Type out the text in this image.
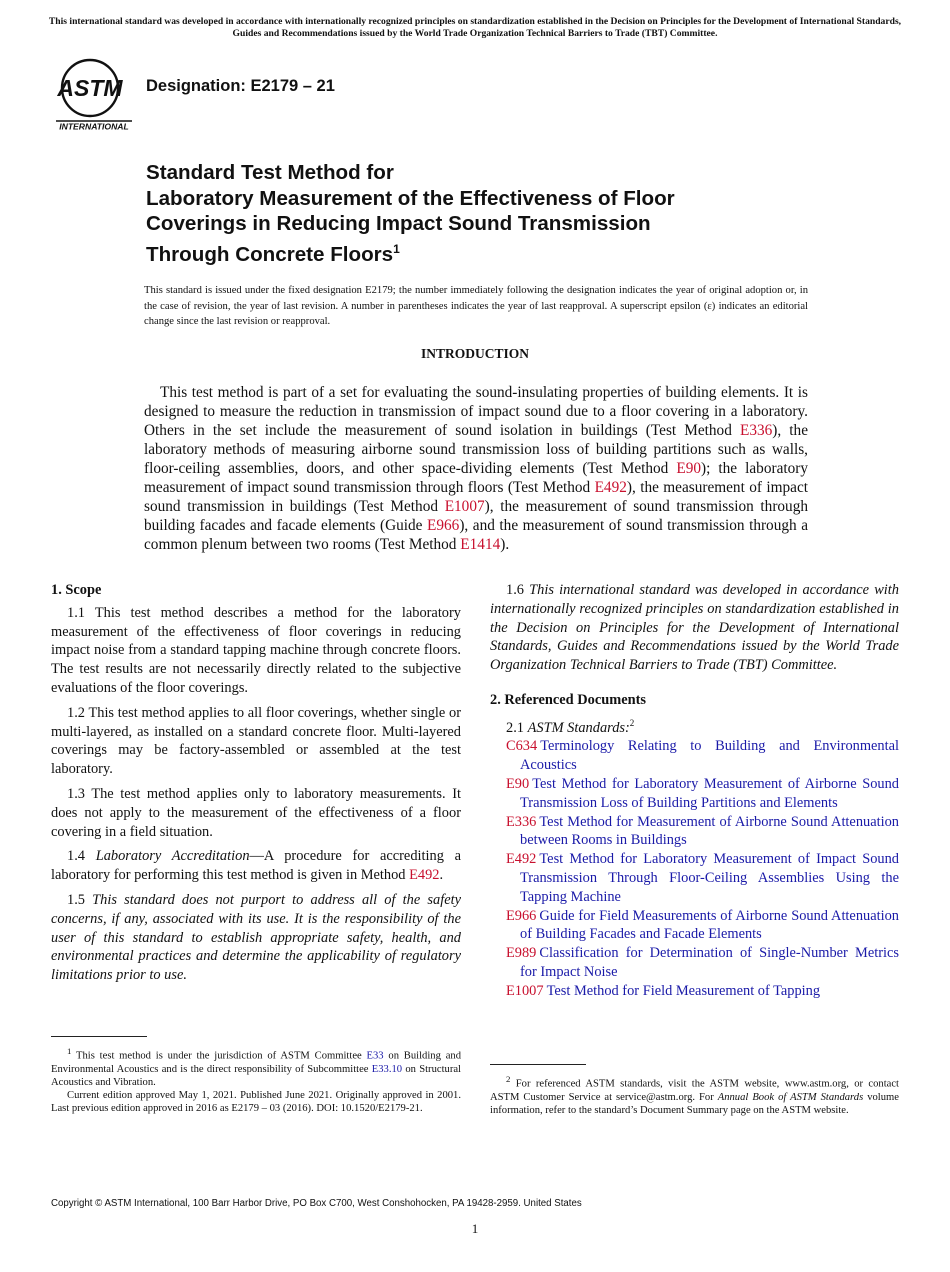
This international standard was developed in accordance with internationally recognized principles on standardization established in the Decision on Principles for the Development of International Standards, Guides and Recommendations issued by the World Trade Organization Technical Barriers to Trade (TBT) Committee.
ASTM
INTERNATIONAL
Designation: E2179 – 21
Standard Test Method for
Laboratory Measurement of the Effectiveness of Floor
Coverings in Reducing Impact Sound Transmission
Through Concrete Floors$^1$
This standard is issued under the fixed designation E2179; the number immediately following the designation indicates the year of original adoption or, in the case of revision, the year of last revision. A number in parentheses indicates the year of last reapproval. A superscript epsilon (ε) indicates an editorial change since the last revision or reapproval.
INTRODUCTION
This test method is part of a set for evaluating the sound-insulating properties of building elements. It is designed to measure the reduction in transmission of impact sound due to a floor covering in a laboratory. Others in the set include the measurement of sound isolation in buildings (Test Method E336), the laboratory methods of measuring airborne sound transmission loss of building partitions such as walls, floor-ceiling assemblies, doors, and other space-dividing elements (Test Method E90); the laboratory measurement of impact sound transmission through floors (Test Method E492), the measurement of impact sound transmission in buildings (Test Method E1007), the measurement of sound transmission through building facades and facade elements (Guide E966), and the measurement of sound transmission through a common plenum between two rooms (Test Method E1414).
1. Scope

1.1 This test method describes a method for the laboratory measurement of the effectiveness of floor coverings in reducing impact noise from a standard tapping machine through concrete floors. The test results are not necessarily directly related to the subjective evaluations of the floor coverings.

1.2 This test method applies to all floor coverings, whether single or multi-layered, as installed on a standard concrete floor. Multi-layered coverings may be factory-assembled or assembled at the test laboratory.

1.3 The test method applies only to laboratory measurements. It does not apply to the measurement of the effectiveness of a floor covering in a field situation.

1.4 Laboratory Accreditation—A procedure for accrediting a laboratory for performing this test method is given in Method E492.

1.5 This standard does not purport to address all of the safety concerns, if any, associated with its use. It is the responsibility of the user of this standard to establish appropriate safety, health, and environmental practices and determine the applicability of regulatory limitations prior to use.

1.6 This international standard was developed in accordance with internationally recognized principles on standardization established in the Decision on Principles for the Development of International Standards, Guides and Recommendations issued by the World Trade Organization Technical Barriers to Trade (TBT) Committee.

2. Referenced Documents
2.1 ASTM Standards:$^2$
C634 Terminology Relating to Building and Environmental Acoustics
E90 Test Method for Laboratory Measurement of Airborne Sound Transmission Loss of Building Partitions and Elements
E336 Test Method for Measurement of Airborne Sound Attenuation between Rooms in Buildings
E492 Test Method for Laboratory Measurement of Impact Sound Transmission Through Floor-Ceiling Assemblies Using the Tapping Machine
E966 Guide for Field Measurements of Airborne Sound Attenuation of Building Facades and Facade Elements
E989 Classification for Determination of Single-Number Metrics for Impact Noise
E1007 Test Method for Field Measurement of Tapping

$^1$ This test method is under the jurisdiction of ASTM Committee E33 on Building and Environmental Acoustics and is the direct responsibility of Subcommittee E33.10 on Structural Acoustics and Vibration.

Current edition approved May 1, 2021. Published June 2021. Originally approved in 2001. Last previous edition approved in 2016 as E2179 – 03 (2016). DOI: 10.1520/E2179-21.

$^2$ For referenced ASTM standards, visit the ASTM website, www.astm.org, or contact ASTM Customer Service at service@astm.org. For Annual Book of ASTM Standards volume information, refer to the standard’s Document Summary page on the ASTM website.

Copyright © ASTM International, 100 Barr Harbor Drive, PO Box C700, West Conshohocken, PA 19428-2959. United States
1
